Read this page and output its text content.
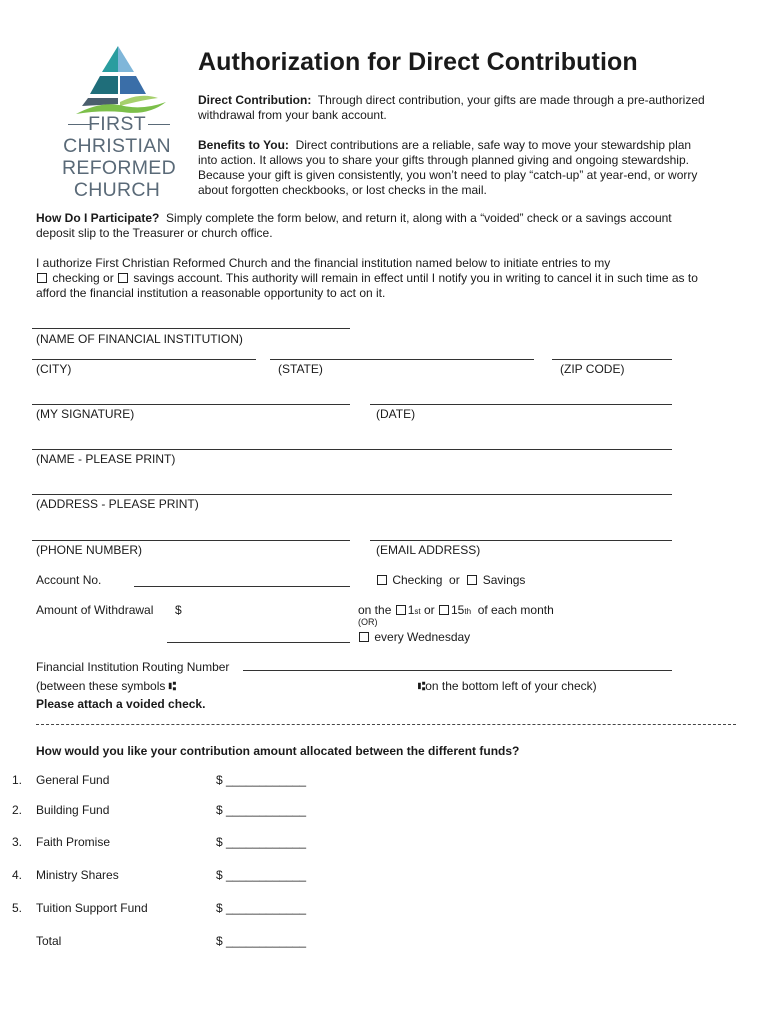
FIRST
CHRISTIAN
REFORMED
CHURCH
Authorization for Direct Contribution
Direct Contribution: Through direct contribution, your gifts are made through a pre-authorized
withdrawal from your bank account.
Benefits to You: Direct contributions are a reliable, safe way to move your stewardship plan
into action. It allows you to share your gifts through planned giving and ongoing stewardship.
Because your gift is given consistently, you won’t need to play “catch-up” at year-end, or worry
about forgotten checkbooks, or lost checks in the mail.
How Do I Participate? Simply complete the form below, and return it, along with a “voided” check or a savings account
deposit slip to the Treasurer or church office.
I authorize First Christian Reformed Church and the financial institution named below to initiate entries to my
checking or savings account. This authority will remain in effect until I notify you in writing to cancel it in such time as to
afford the financial institution a reasonable opportunity to act on it.
(NAME OF FINANCIAL INSTITUTION)
(CITY)	(STATE)	(ZIP CODE)
(MY SIGNATURE)	(DATE)
(NAME - PLEASE PRINT)
(ADDRESS - PLEASE PRINT)
(PHONE NUMBER)	(EMAIL ADDRESS)
Account No.	Checking or Savings
Amount of Withdrawal $	on the 1st or 15th of each month
(OR)
every Wednesday
Financial Institution Routing Number
(between these symbols ⑆	⑆on the bottom left of your check)
Please attach a voided check.
How would you like your contribution amount allocated between the different funds?
1. General Fund	$ ____________
2. Building Fund	$ ____________
3. Faith Promise	$ ____________
4. Ministry Shares	$ ____________
5. Tuition Support Fund	$ ____________
Total	$ ____________
